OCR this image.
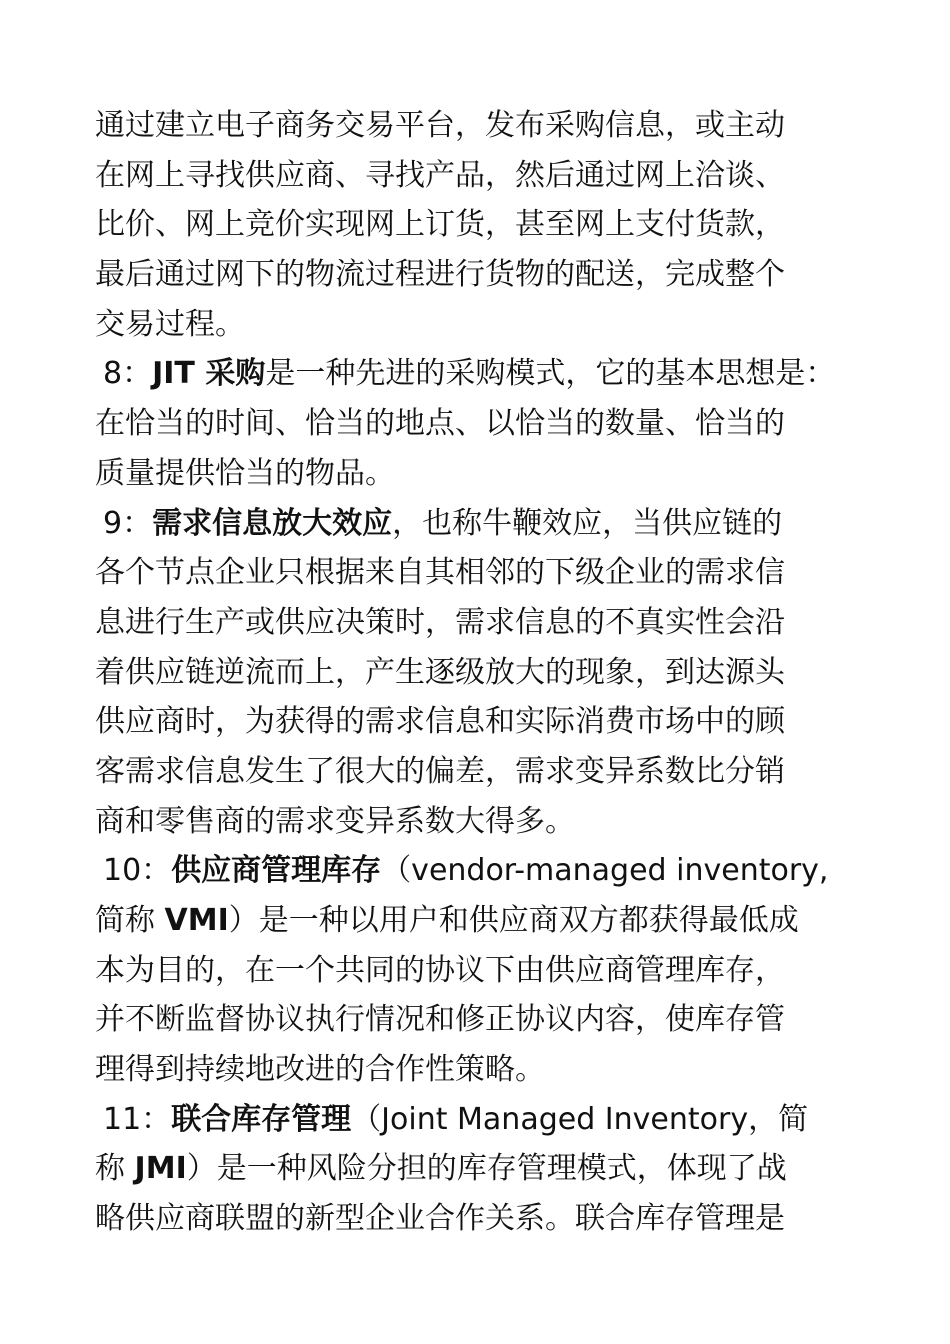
通过建立电子商务交易平台，发布采购信息，或主动
在网上寻找供应商、寻找产品，然后通过网上洽谈、
比价、网上竞价实现网上订货，甚至网上支付货款，
最后通过网下的物流过程进行货物的配送，完成整个
交易过程。
8：JIT 采购是一种先进的采购模式，它的基本思想是：
在恰当的时间、恰当的地点、以恰当的数量、恰当的
质量提供恰当的物品。
9：需求信息放大效应，也称牛鞭效应，当供应链的
各个节点企业只根据来自其相邻的下级企业的需求信
息进行生产或供应决策时，需求信息的不真实性会沿
着供应链逆流而上，产生逐级放大的现象，到达源头
供应商时，为获得的需求信息和实际消费市场中的顾
客需求信息发生了很大的偏差，需求变异系数比分销
商和零售商的需求变异系数大得多。
10：供应商管理库存（vendor-managed inventory,
简称 VMI）是一种以用户和供应商双方都获得最低成
本为目的，在一个共同的协议下由供应商管理库存，
并不断监督协议执行情况和修正协议内容，使库存管
理得到持续地改进的合作性策略。
11：联合库存管理（Joint Managed Inventory，简
称 JMI）是一种风险分担的库存管理模式，体现了战
略供应商联盟的新型企业合作关系。联合库存管理是
